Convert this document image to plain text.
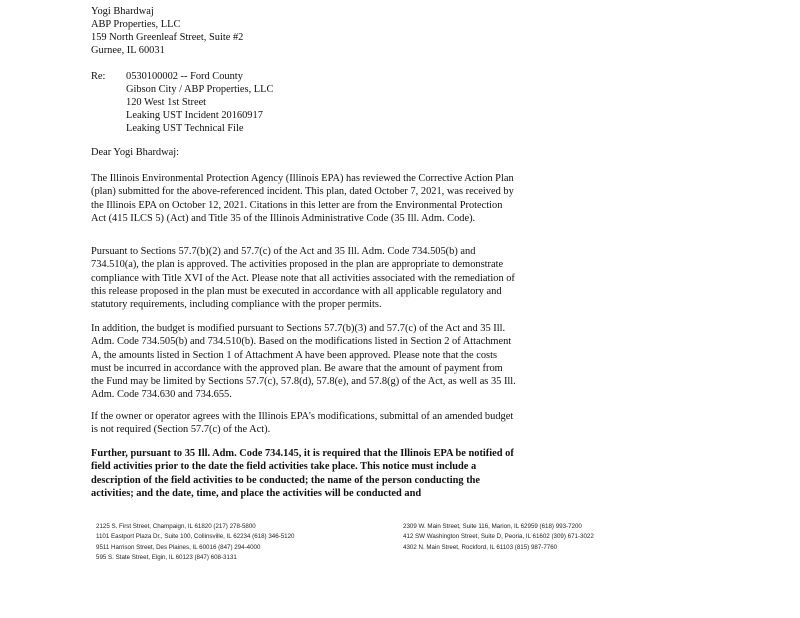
Yogi Bhardwaj
ABP Properties, LLC
159 North Greenleaf Street, Suite #2
Gurnee, IL 60031
Re: 0530100002 -- Ford County
Gibson City / ABP Properties, LLC
120 West 1st Street
Leaking UST Incident 20160917
Leaking UST Technical File
Dear Yogi Bhardwaj:
The Illinois Environmental Protection Agency (Illinois EPA) has reviewed the Corrective Action Plan (plan) submitted for the above-referenced incident. This plan, dated October 7, 2021, was received by the Illinois EPA on October 12, 2021. Citations in this letter are from the Environmental Protection Act (415 ILCS 5) (Act) and Title 35 of the Illinois Administrative Code (35 Ill. Adm. Code).
Pursuant to Sections 57.7(b)(2) and 57.7(c) of the Act and 35 Ill. Adm. Code 734.505(b) and 734.510(a), the plan is approved. The activities proposed in the plan are appropriate to demonstrate compliance with Title XVI of the Act. Please note that all activities associated with the remediation of this release proposed in the plan must be executed in accordance with all applicable regulatory and statutory requirements, including compliance with the proper permits.
In addition, the budget is modified pursuant to Sections 57.7(b)(3) and 57.7(c) of the Act and 35 Ill. Adm. Code 734.505(b) and 734.510(b). Based on the modifications listed in Section 2 of Attachment A, the amounts listed in Section 1 of Attachment A have been approved. Please note that the costs must be incurred in accordance with the approved plan. Be aware that the amount of payment from the Fund may be limited by Sections 57.7(c), 57.8(d), 57.8(e), and 57.8(g) of the Act, as well as 35 Ill. Adm. Code 734.630 and 734.655.
If the owner or operator agrees with the Illinois EPA's modifications, submittal of an amended budget is not required (Section 57.7(c) of the Act).
Further, pursuant to 35 Ill. Adm. Code 734.145, it is required that the Illinois EPA be notified of field activities prior to the date the field activities take place. This notice must include a description of the field activities to be conducted; the name of the person conducting the activities; and the date, time, and place the activities will be conducted and
2125 S. First Street, Champaign, IL 61820 (217) 278-5800
1101 Eastport Plaza Dr., Suite 100, Collinsville, IL 62234 (618) 346-5120
9511 Harrison Street, Des Plaines, IL 60016 (847) 294-4000
595 S. State Street, Elgin, IL 60123 (847) 608-3131
2309 W. Main Street, Suite 116, Marion, IL 62959 (618) 993-7200
412 SW Washington Street, Suite D, Peoria, IL 61602 (309) 671-3022
4302 N. Main Street, Rockford, IL 61103 (815) 987-7760
